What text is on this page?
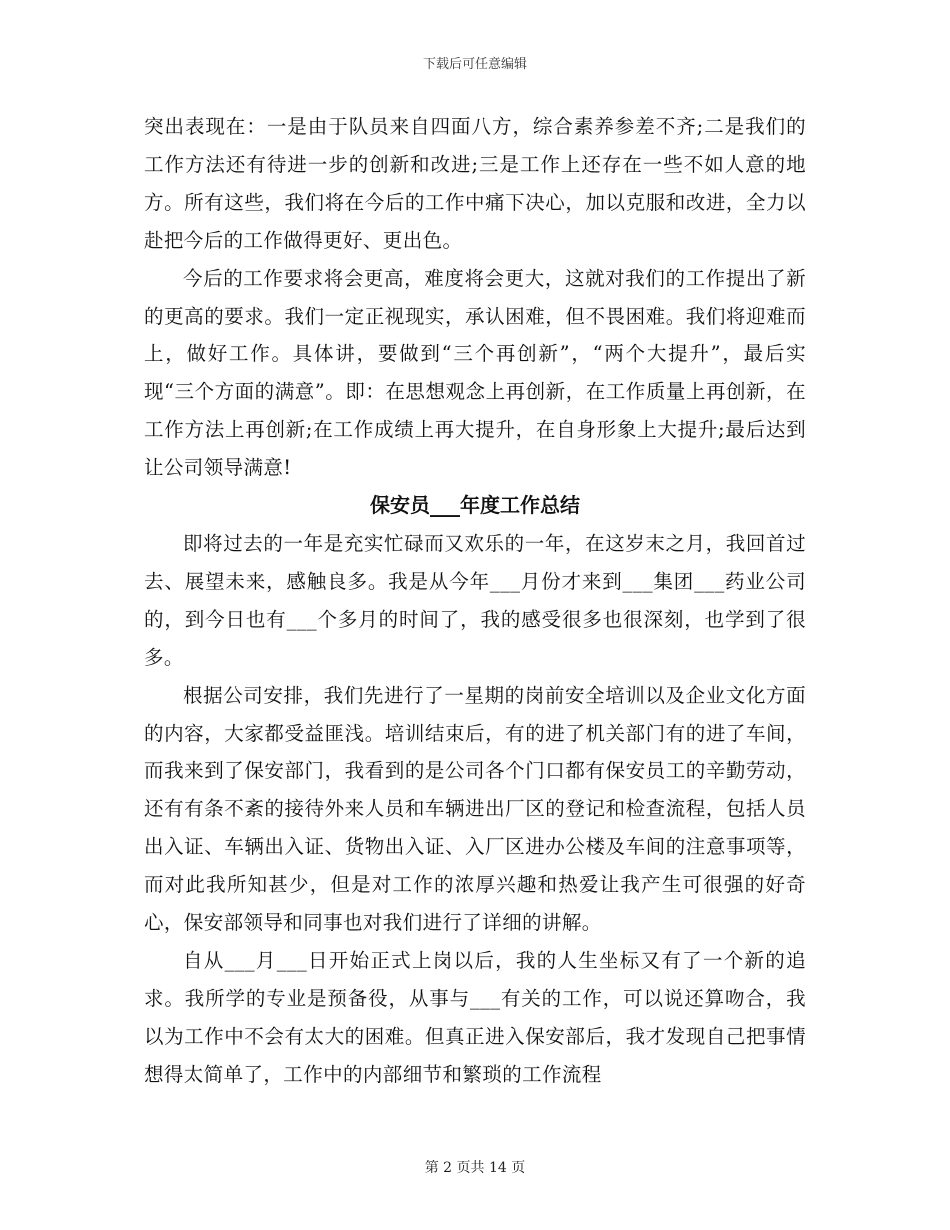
下载后可任意编辑

突出表现在：一是由于队员来自四面八方，综合素养参差不齐;二是我们的工作方法还有待进一步的创新和改进;三是工作上还存在一些不如人意的地方。所有这些，我们将在今后的工作中痛下决心，加以克服和改进，全力以赴把今后的工作做得更好、更出色。

今后的工作要求将会更高，难度将会更大，这就对我们的工作提出了新的更高的要求。我们一定正视现实，承认困难，但不畏困难。我们将迎难而上，做好工作。具体讲，要做到“三个再创新”，“两个大提升”，最后实现“三个方面的满意”。即：在思想观念上再创新，在工作质量上再创新，在工作方法上再创新;在工作成绩上再大提升，在自身形象上大提升;最后达到让公司领导满意!

保安员___年度工作总结

即将过去的一年是充实忙碌而又欢乐的一年，在这岁末之月，我回首过去、展望未来，感触良多。我是从今年___月份才来到___集团___药业公司的，到今日也有___个多月的时间了，我的感受很多也很深刻，也学到了很多。

根据公司安排，我们先进行了一星期的岗前安全培训以及企业文化方面的内容，大家都受益匪浅。培训结束后，有的进了机关部门有的进了车间，而我来到了保安部门，我看到的是公司各个门口都有保安员工的辛勤劳动，还有有条不紊的接待外来人员和车辆进出厂区的登记和检查流程，包括人员出入证、车辆出入证、货物出入证、入厂区进办公楼及车间的注意事项等，而对此我所知甚少，但是对工作的浓厚兴趣和热爱让我产生可很强的好奇心，保安部领导和同事也对我们进行了详细的讲解。

自从___月___日开始正式上岗以后，我的人生坐标又有了一个新的追求。我所学的专业是预备役，从事与___有关的工作，可以说还算吻合，我以为工作中不会有太大的困难。但真正进入保安部后，我才发现自己把事情想得太简单了，工作中的内部细节和繁琐的工作流程

第 2 页共 14 页
